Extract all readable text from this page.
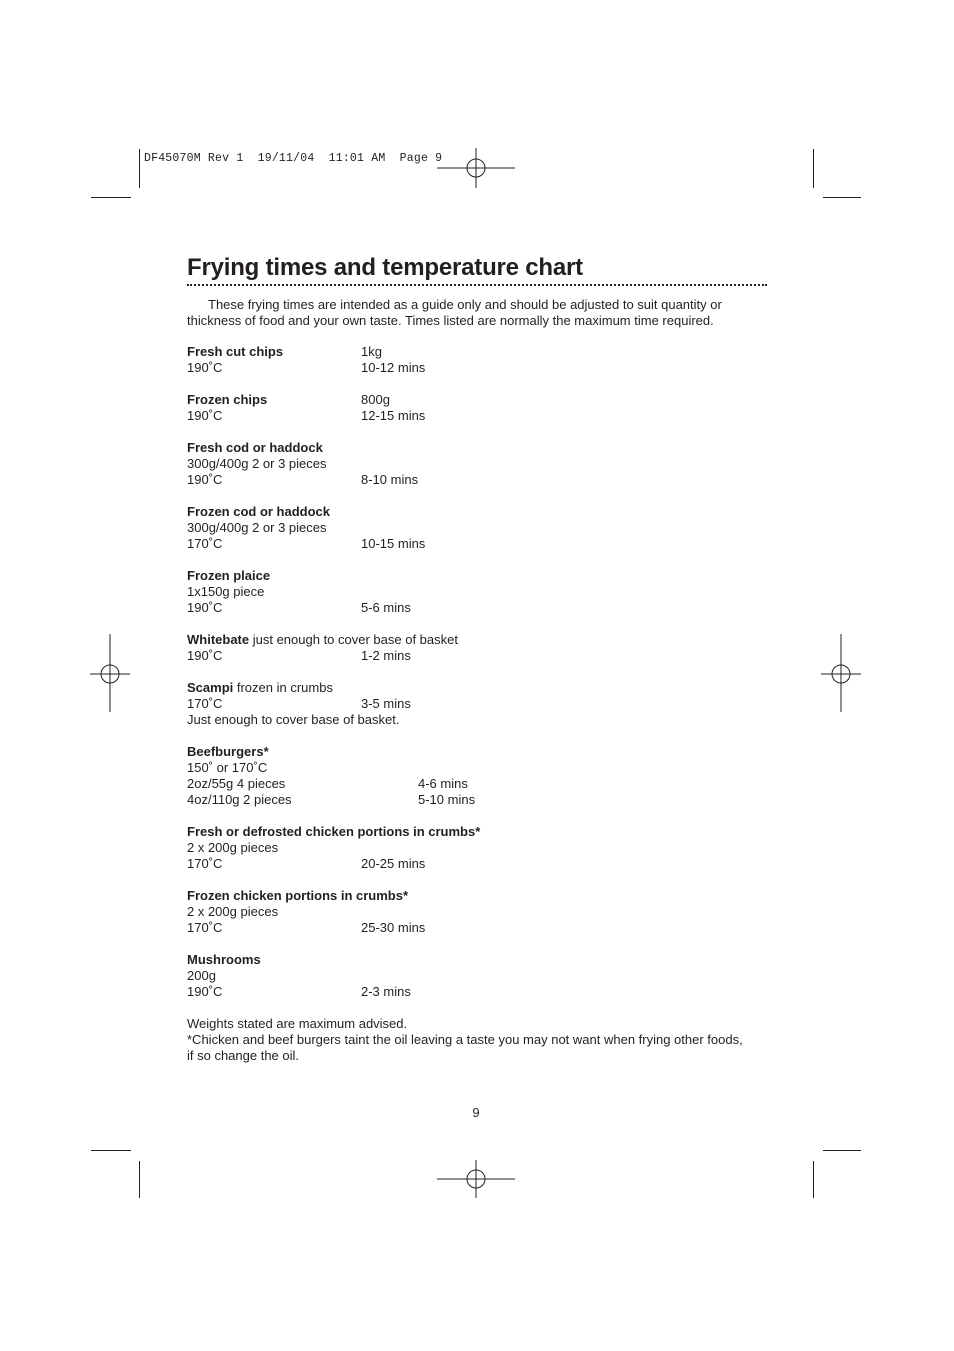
DF45070M Rev 1  19/11/04  11:01 AM  Page 9
Frying times and temperature chart
These frying times are intended as a guide only and should be adjusted to suit quantity or thickness of food and your own taste. Times listed are normally the maximum time required.
Fresh cut chips	1kg
190˚C	10-12 mins
Frozen chips	800g
190˚C	12-15 mins
Fresh cod or haddock
300g/400g 2 or 3 pieces
190˚C	8-10 mins
Frozen cod or haddock
300g/400g 2 or 3 pieces
170˚C	10-15 mins
Frozen plaice
1x150g piece
190˚C	5-6 mins
Whitebate just enough to cover base of basket
190˚C	1-2 mins
Scampi frozen in crumbs
170˚C	3-5 mins
Just enough to cover base of basket.
Beefburgers*
150˚ or 170˚C
2oz/55g 4 pieces	4-6 mins
4oz/110g 2 pieces	5-10 mins
Fresh or defrosted chicken portions in crumbs*
2 x 200g pieces
170˚C	20-25 mins
Frozen chicken portions in crumbs*
2 x 200g pieces
170˚C	25-30 mins
Mushrooms
200g
190˚C	2-3 mins
Weights stated are maximum advised.
*Chicken and beef burgers taint the oil leaving a taste you may not want when frying other foods, if so change the oil.
9
